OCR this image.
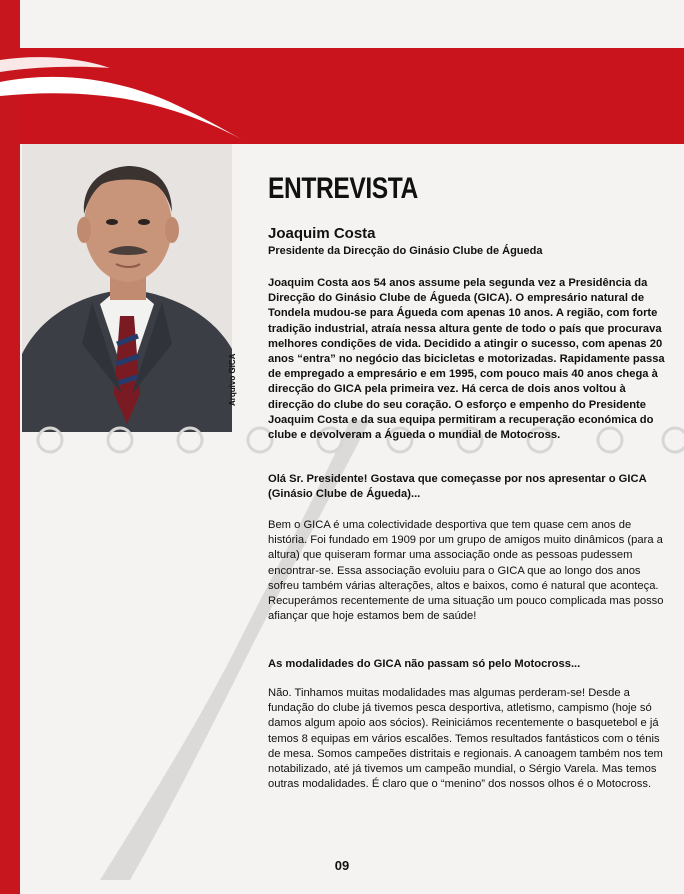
Arquivo GICA
ENTREVISTA
Joaquim Costa
Presidente da Direcção do Ginásio Clube de Águeda
Joaquim Costa aos 54 anos assume pela segunda vez a Presidência da Direcção do Ginásio Clube de Águeda (GICA). O empresário natural de Tondela mudou-se para Águeda com apenas 10 anos. A região, com forte tradição industrial, atraía nessa altura gente de todo o país que procurava melhores condições de vida. Decidido a atingir o sucesso, com apenas 20 anos “entra” no negócio das bicicletas e motorizadas. Rapidamente passa de empregado a empresário e em 1995, com pouco mais 40 anos chega à direcção do GICA pela primeira vez. Há cerca de dois anos voltou à direcção do clube do seu coração. O esforço e empenho do Presidente Joaquim Costa e da sua equipa permitiram a recuperação económica do clube e devolveram a Águeda o mundial de Motocross.
Olá Sr. Presidente! Gostava que começasse por nos apresentar o GICA (Ginásio Clube de Águeda)...
Bem o GICA é uma colectividade desportiva que tem quase cem anos de história. Foi fundado em 1909 por um grupo de amigos muito dinâmicos (para a altura) que quiseram formar uma associação onde as pessoas pudessem encontrar-se. Essa associação evoluiu para o GICA que ao longo dos anos sofreu também várias alterações, altos e baixos, como é natural que aconteça. Recuperámos recentemente de uma situação um pouco complicada mas posso afiançar que hoje estamos bem de saúde!
As modalidades do GICA não passam só pelo Motocross...
Não. Tinhamos muitas modalidades mas algumas perderam-se! Desde a fundação do clube já tivemos pesca desportiva, atletismo, campismo (hoje só damos algum apoio aos sócios). Reiniciámos recentemente o basquetebol e já temos 8 equipas em vários escalões. Temos resultados fantásticos com o ténis de mesa. Somos campeões distritais e regionais. A canoagem também nos tem notabilizado, até já tivemos um campeão mundial, o Sérgio Varela. Mas temos outras modalidades. É claro que o “menino” dos nossos olhos é o Motocross.
09
